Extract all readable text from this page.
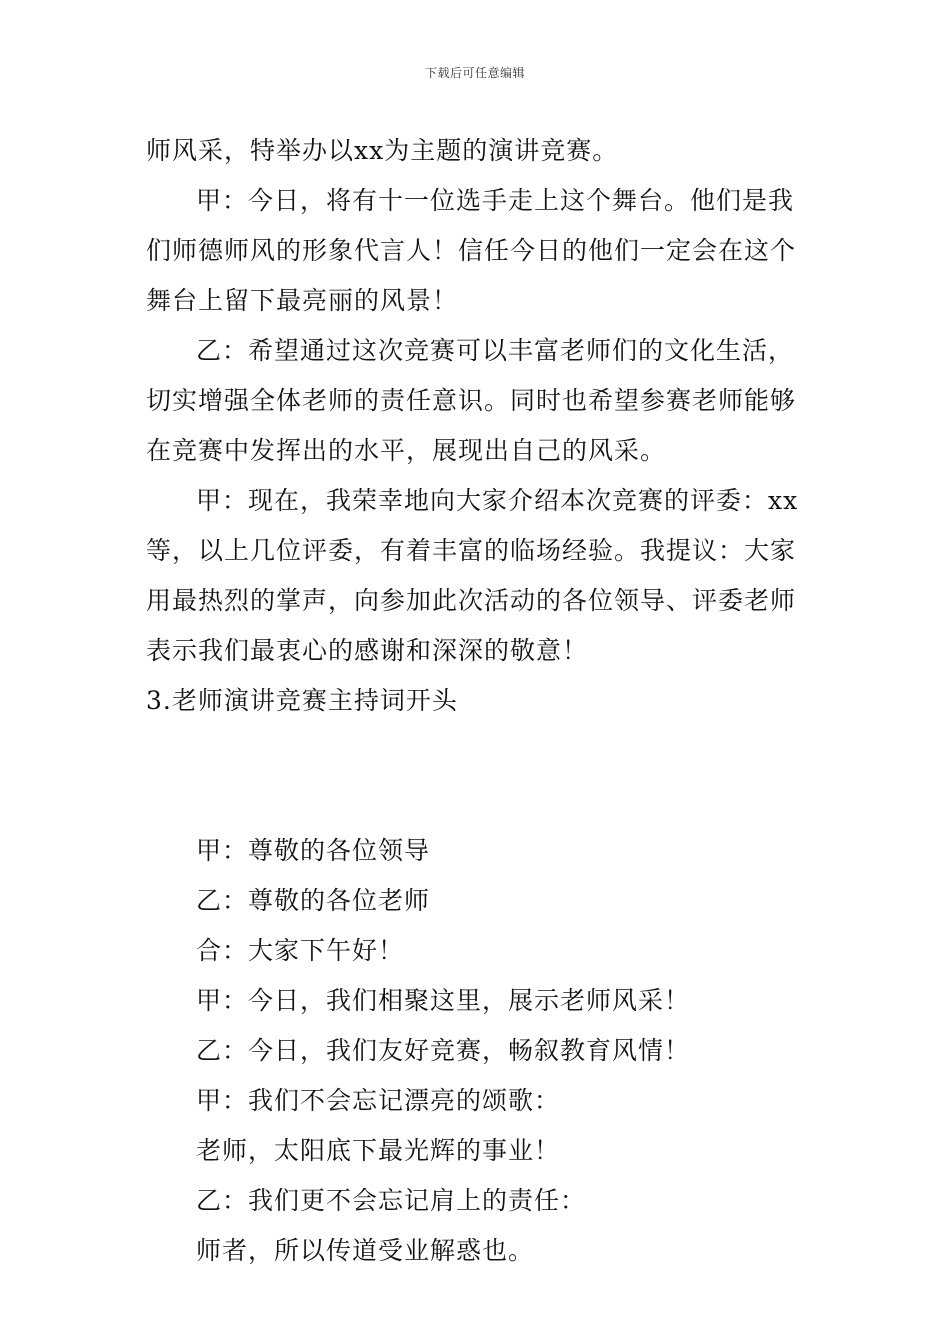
下载后可任意编辑
师风采，特举办以xx为主题的演讲竞赛。
甲：今日，将有十一位选手走上这个舞台。他们是我
们师德师风的形象代言人！信任今日的他们一定会在这个
舞台上留下最亮丽的风景！
乙：希望通过这次竞赛可以丰富老师们的文化生活，
切实增强全体老师的责任意识。同时也希望参赛老师能够
在竞赛中发挥出的水平，展现出自己的风采。
甲：现在，我荣幸地向大家介绍本次竞赛的评委：xx
等，以上几位评委，有着丰富的临场经验。我提议：大家
用最热烈的掌声，向参加此次活动的各位领导、评委老师
表示我们最衷心的感谢和深深的敬意！
3.老师演讲竞赛主持词开头
甲：尊敬的各位领导
乙：尊敬的各位老师
合：大家下午好！
甲：今日，我们相聚这里，展示老师风采！
乙：今日，我们友好竞赛，畅叙教育风情！
甲：我们不会忘记漂亮的颂歌：
老师，太阳底下最光辉的事业！
乙：我们更不会忘记肩上的责任：
师者，所以传道受业解惑也。
